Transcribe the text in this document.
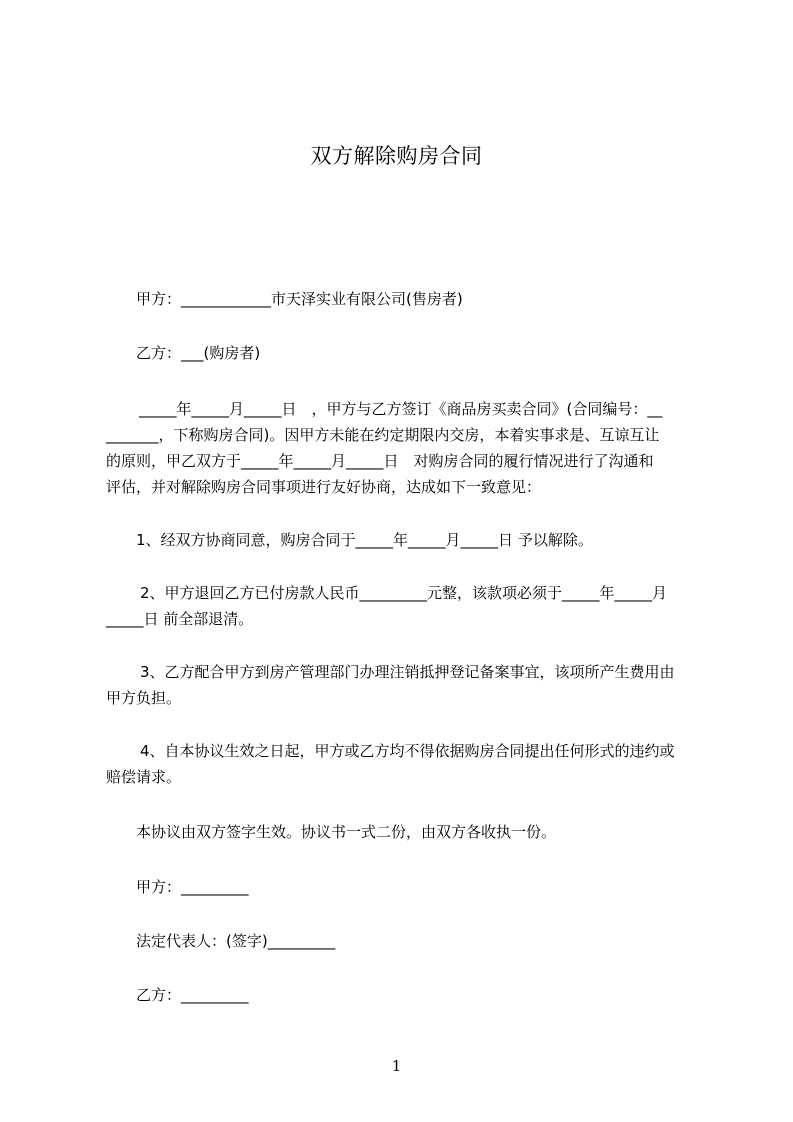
双方解除购房合同
甲方：____________市天泽实业有限公司(售房者)
乙方：___(购房者)
_____年_____月_____日　，甲方与乙方签订《商品房买卖合同》(合同编号：__
_______，下称购房合同)。因甲方未能在约定期限内交房，本着实事求是、互谅互让
的原则，甲乙双方于_____年_____月_____日　对购房合同的履行情况进行了沟通和
评估，并对解除购房合同事项进行友好协商，达成如下一致意见：
1、经双方协商同意，购房合同于_____年_____月_____日 予以解除。
2、甲方退回乙方已付房款人民币_________元整，该款项必须于_____年_____月
_____日 前全部退清。
3、乙方配合甲方到房产管理部门办理注销抵押登记备案事宜，该项所产生费用由
甲方负担。
4、自本协议生效之日起，甲方或乙方均不得依据购房合同提出任何形式的违约或
赔偿请求。
本协议由双方签字生效。协议书一式二份，由双方各收执一份。
甲方：_________
法定代表人：(签字)_________
乙方：_________
1
